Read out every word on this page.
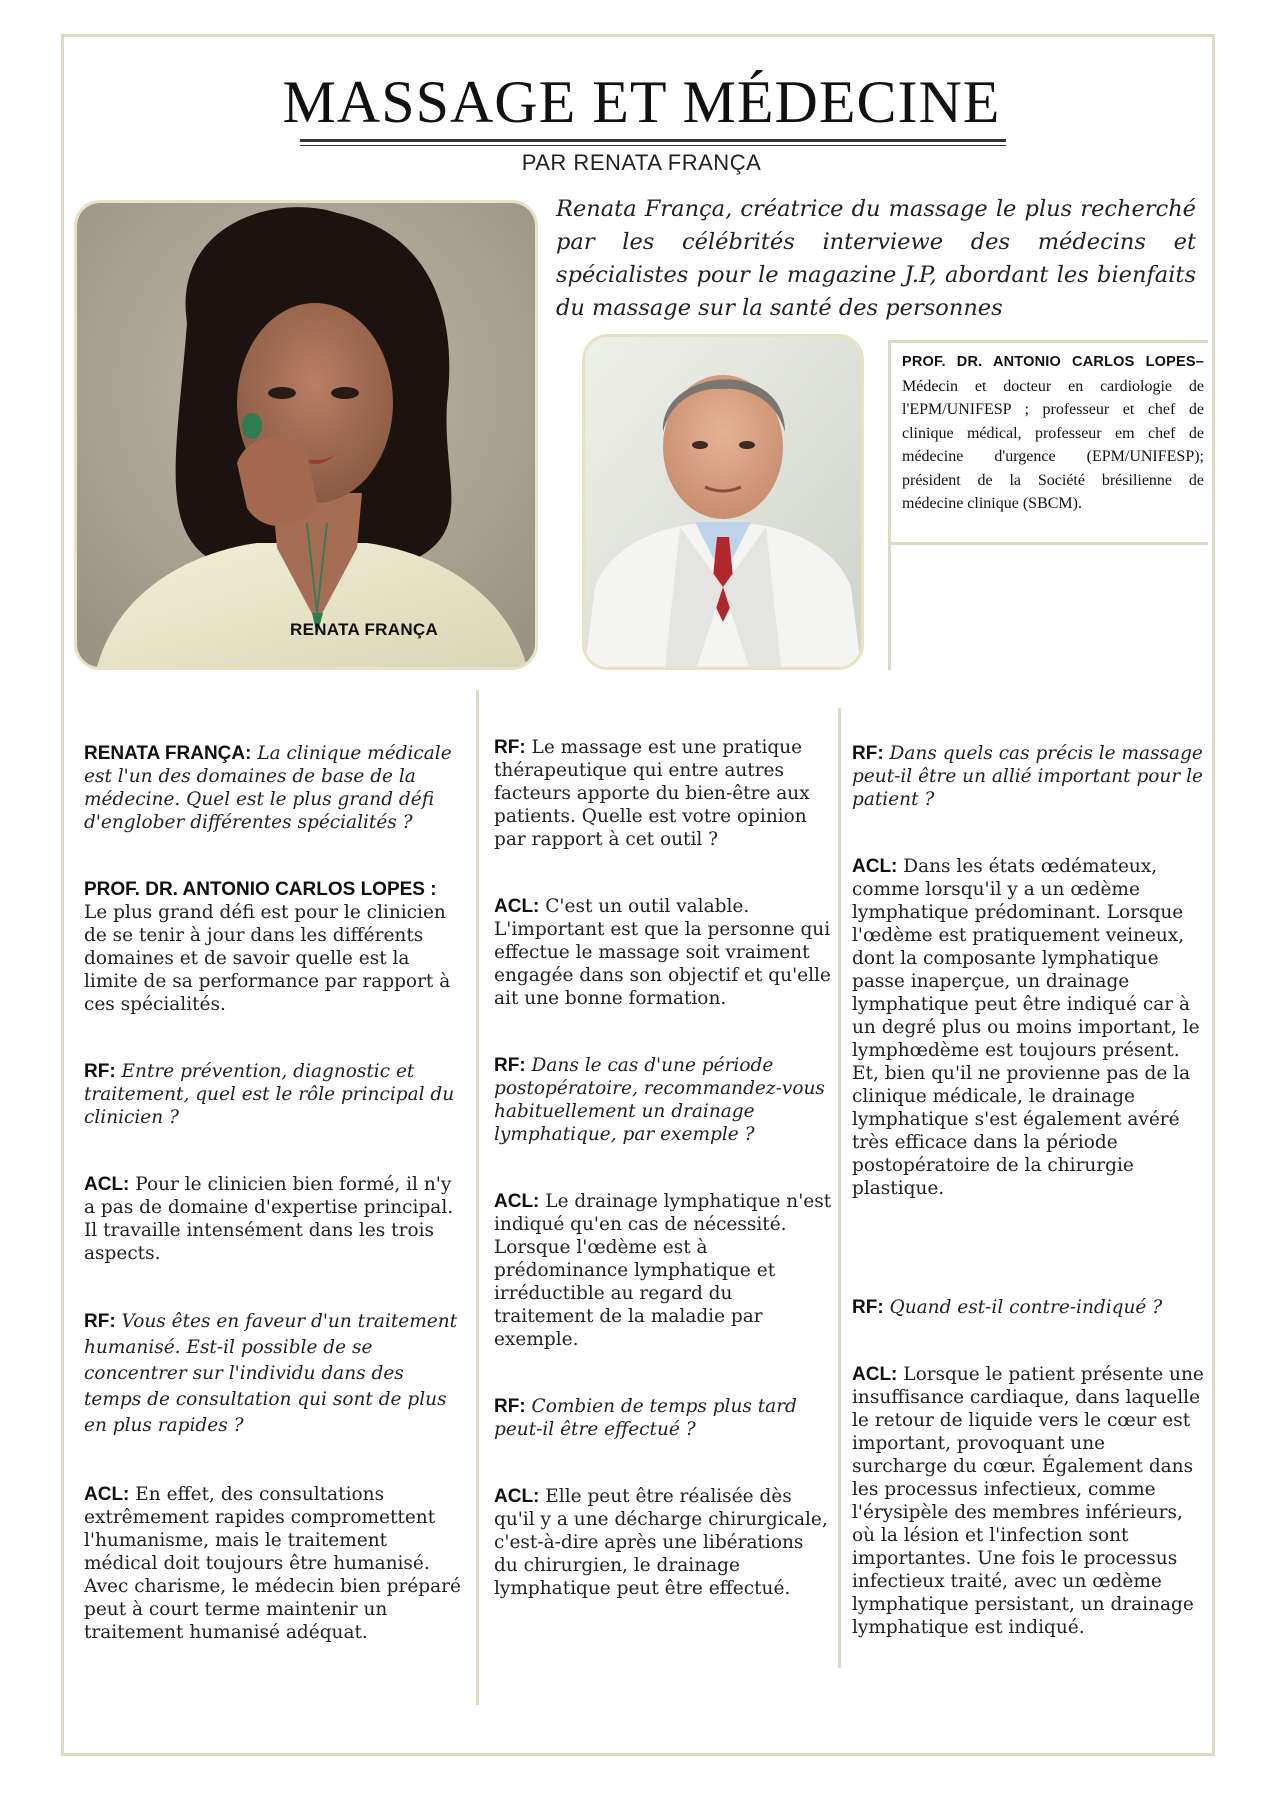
MASSAGE ET MÉDECINE
PAR RENATA FRANÇA
RENATA FRANÇA
Renata França, créatrice du massage le plus recherché par les célébrités interviewe des médecins et spécialistes pour le magazine J.P, abordant les bienfaits du massage sur la santé des personnes
PROF. DR. ANTONIO CARLOS LOPES– Médecin et docteur en cardiologie de l'EPM/UNIFESP ; professeur et chef de clinique médical, professeur em chef de médecine d'urgence (EPM/UNIFESP); président de la Société brésilienne de médecine clinique (SBCM).

RENATA FRANÇA: La clinique médicale est l'un des domaines de base de la médecine. Quel est le plus grand défi d'englober différentes spécialités ?

PROF. DR. ANTONIO CARLOS LOPES :
Le plus grand défi est pour le clinicien de se tenir à jour dans les différents domaines et de savoir quelle est la limite de sa performance par rapport à ces spécialités.

RF: Entre prévention, diagnostic et traitement, quel est le rôle principal du clinicien ?

ACL: Pour le clinicien bien formé, il n'y a pas de domaine d'expertise principal. Il travaille intensément dans les trois aspects.

RF: Vous êtes en faveur d'un traitement humanisé. Est-il possible de se concentrer sur l'individu dans des temps de consultation qui sont de plus en plus rapides ?

ACL: En effet, des consultations extrêmement rapides compromettent l'humanisme, mais le traitement médical doit toujours être humanisé. Avec charisme, le médecin bien préparé peut à court terme maintenir un traitement humanisé adéquat.

RF: Le massage est une pratique thérapeutique qui entre autres facteurs apporte du bien-être aux patients. Quelle est votre opinion par rapport à cet outil ?

ACL: C'est un outil valable. L'important est que la personne qui effectue le massage soit vraiment engagée dans son objectif et qu'elle ait une bonne formation.

RF: Dans le cas d'une période postopératoire, recommandez-vous habituellement un drainage lymphatique, par exemple ?

ACL: Le drainage lymphatique n'est indiqué qu'en cas de nécessité. Lorsque l'œdème est à prédominance lymphatique et irréductible au regard du traitement de la maladie par exemple.

RF: Combien de temps plus tard peut-il être effectué ?

ACL: Elle peut être réalisée dès qu'il y a une décharge chirurgicale, c'est-à-dire après une libérations du chirurgien, le drainage lymphatique peut être effectué.

RF: Dans quels cas précis le massage peut-il être un allié important pour le patient ?

ACL: Dans les états œdémateux, comme lorsqu'il y a un œdème lymphatique prédominant. Lorsque l'œdème est pratiquement veineux, dont la composante lymphatique passe inaperçue, un drainage lymphatique peut être indiqué car à un degré plus ou moins important, le lymphœdème est toujours présent. Et, bien qu'il ne provienne pas de la clinique médicale, le drainage lymphatique s'est également avéré très efficace dans la période postopératoire de la chirurgie plastique.

RF: Quand est-il contre-indiqué ?

ACL: Lorsque le patient présente une insuffisance cardiaque, dans laquelle le retour de liquide vers le cœur est important, provoquant une surcharge du cœur. Également dans les processus infectieux, comme l'érysipèle des membres inférieurs, où la lésion et l'infection sont importantes. Une fois le processus infectieux traité, avec un œdème lymphatique persistant, un drainage lymphatique est indiqué.
